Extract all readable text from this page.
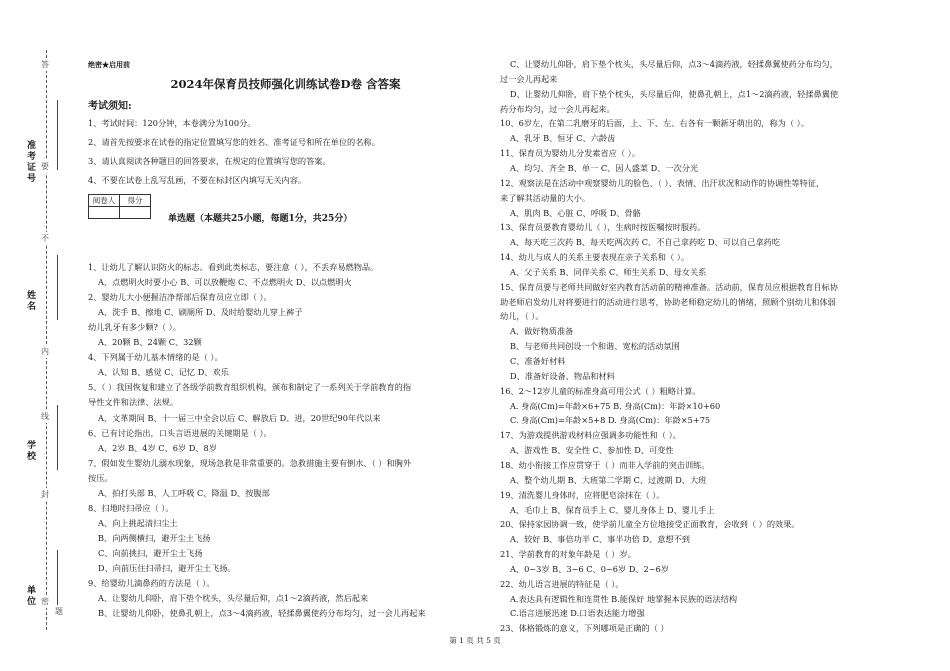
准考证号
姓名
学校
单位 密
封
线
内
不
要
答
题
绝密★启用前
2024年保育员技师强化训练试卷D卷 含答案
考试须知:
1、考试时间：120分钟，本卷满分为100分。
2、请首先按要求在试卷的指定位置填写您的姓名、准考证号和所在单位的名称。
3、请认真阅读各种题目的回答要求，在规定的位置填写您的答案。
4、不要在试卷上乱写乱画，不要在标封区内填写无关内容。
阅卷人	得分

单选题（本题共25小题，每题1分，共25分）
1、让幼儿了解认识防火的标志。看到此类标志，要注意（ ），不丢弃易燃物品。
A、点燃明火时要小心 B、可以放鞭炮 C、不点燃明火 D、以点燃明火
2、婴幼儿大小便握洁净帮部后保育员应立即（ ）。
A、洗手 B、擦地 C、刷厕所 D、及时给婴幼儿穿上裤子
幼儿乳牙有多少颗?（ ）。
A、20颗 B、24颗 C、32颗
4、下列属于幼儿基本情绪的是（ ）。
A、认知 B、感觉 C、记忆 D、欢乐
5、（ ）我国恢复和建立了各级学前教育组织机构，颁布和制定了一系列关于学前教育的指
导性文件和法律、法规。
A、文革期间 B、十一届三中全会以后 C、解放后 D、进，20世纪90年代以来
6、已有讨论指出，口头言语进展的关键期是（ ）。
A、2岁 B、4岁 C、6岁 D、8岁
7、假如发生婴幼儿溺水现象，现场急救是非常重要的。急救措施主要有倒水、（ ）和胸外
按压。
A、拍打头部 B、人工呼吸 C、降温 D、按腹部
8、扫地时扫帚应（ ）。
A、向上挑起清扫尘土
B、向两侧横扫，避开尘土飞扬
C、向前挑扫，避开尘土飞扬
D、向前压住扫帚扫，避开尘土飞扬。
9、给婴幼儿滴鼻药的方法是（ ）。
A、让婴幼儿仰卧，肩下垫个枕头，头尽量后仰，点1～2滴药液，然后起来
B、让婴幼儿仰卧，使鼻孔朝上，点3～4滴药液，轻揉鼻翼使药分布均匀，过一会儿再起来
C、让婴幼儿仰卧，肩下垫个枕头，头尽量后仰，点3～4滴药液，轻揉鼻翼使药分布均匀，
过一会儿再起来
D、让婴幼儿仰卧，肩下垫个枕头，头尽量后仰，使鼻孔朝上，点1～2滴药液，轻揉鼻翼使
药分布均匀，过一会儿再起来。
10、6岁左，在第二乳磨牙的后面，上、下、左、右各有一颗新牙萌出的，称为（ ）。
A、乳牙 B、恒牙 C、六龄齿
11、保育员为婴幼儿分发素省应（ ）。
A、均匀、齐全 B、单一 C、因人盛菜 D、一次分光
12、观察法是在活动中观察婴幼儿的脸色、（ ）、表情、出汗状况和动作的协调性等特征，
来了解其活动量的大小。
A、肌肉 B、心脏 C、呼吸 D、骨骼
13、保育员要教育婴幼儿（ ），生病时按医嘱按时服药。
A、每天吃三次药 B、每天吃两次药 C、不自己拿药吃 D、可以自己拿药吃
14、幼儿与成人的关系主要表现在亲子关系和（ ）。
A、父子关系 B、同伴关系 C、师生关系 D、母女关系
15、保育员要与老师共同做好室内教育活动前的精神准备。活动前，保育员应根据教育目标协
助老师启发幼儿对将要进行的活动进行思考，协助老师稳定幼儿的情绪，照顾个别幼儿和体弱
幼儿，（ ）。
A、做好物质准备
B、与老师共同创设一个和谐、宽松的活动氛围
C、准备好材料
D、准备好设备、物品和材料
16、2～12岁儿童的标准身高可用公式（ ）粗略计算。
A. 身高(Cm)=年龄×6+75 B. 身高(Cm)：年龄×10+60
C. 身高(Cm)=年龄×5+8 D. 身高(Cm)：年龄×5+75
17、为游戏提供游戏材料应强调多功能性和（ ）。
A、游戏性 B、安全性 C、参加性 D、可变性
18、幼小衔接工作应贯穿于（ ）而非入学前的突击训练。
A、整个幼儿期 B、大班第二学期 C、过渡期 D、大班
19、清洗婴儿身体时，应将肥皂涂抹在（ ）。
A、毛巾上 B、保育员手上 C、婴儿身体上 D、婴儿手上
20、保持家园协调一致，使学前儿童全方位地接受正面教育，会收到（ ）的效果。
A、较好 B、事倍功半 C、事半功倍 D、意想不到
21、学前教育的对象年龄是（ ）岁。
A、0~3岁 B、3~6 C、0~6岁 D、2~6岁
22、幼儿语言进展的特征是（ ）。
A.表达具有逻辑性和连贯性 B.能保好 地掌握本民族的语法结构
C.语言进展迅速 D.口语表达能力增强
23、体格锻炼的意义，下列哪项是正确的（ ）
第 1 页 共 5 页
